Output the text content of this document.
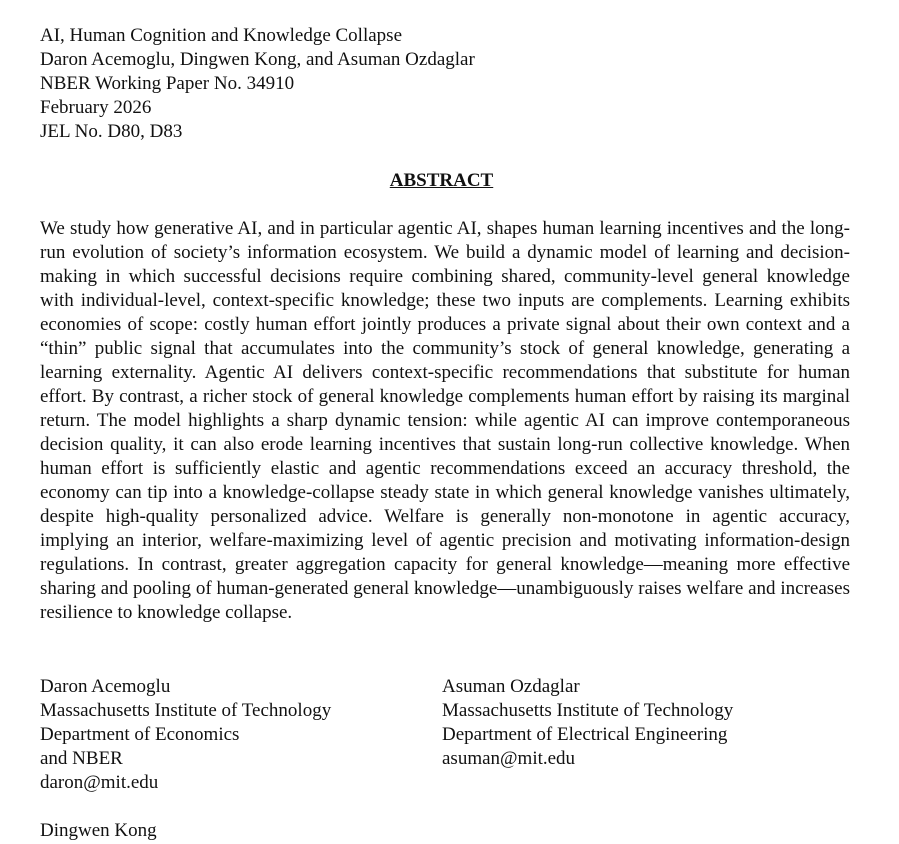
AI, Human Cognition and Knowledge Collapse
Daron Acemoglu, Dingwen Kong, and Asuman Ozdaglar
NBER Working Paper No. 34910
February 2026
JEL No. D80, D83
ABSTRACT

We study how generative AI, and in particular agentic AI, shapes human learning incentives and the long-run evolution of society’s information ecosystem. We build a dynamic model of learning and decision-making in which successful decisions require combining shared, community-level general knowledge with individual-level, context-specific knowledge; these two inputs are complements. Learning exhibits economies of scope: costly human effort jointly produces a private signal about their own context and a “thin” public signal that accumulates into the community’s stock of general knowledge, generating a learning externality. Agentic AI delivers context-specific recommendations that substitute for human effort. By contrast, a richer stock of general knowledge complements human effort by raising its marginal return. The model highlights a sharp dynamic tension: while agentic AI can improve contemporaneous decision quality, it can also erode learning incentives that sustain long-run collective knowledge. When human effort is sufficiently elastic and agentic recommendations exceed an accuracy threshold, the economy can tip into a knowledge-collapse steady state in which general knowledge vanishes ultimately, despite high-quality personalized advice. Welfare is generally non-monotone in agentic accuracy, implying an interior, welfare-maximizing level of agentic precision and motivating information-design regulations. In contrast, greater aggregation capacity for general knowledge—meaning more effective sharing and pooling of human-generated general knowledge—unambiguously raises welfare and increases resilience to knowledge collapse.

Daron Acemoglu
Massachusetts Institute of Technology
Department of Economics
and NBER
daron@mit.edu
Asuman Ozdaglar
Massachusetts Institute of Technology
Department of Electrical Engineering
asuman@mit.edu
Dingwen Kong
